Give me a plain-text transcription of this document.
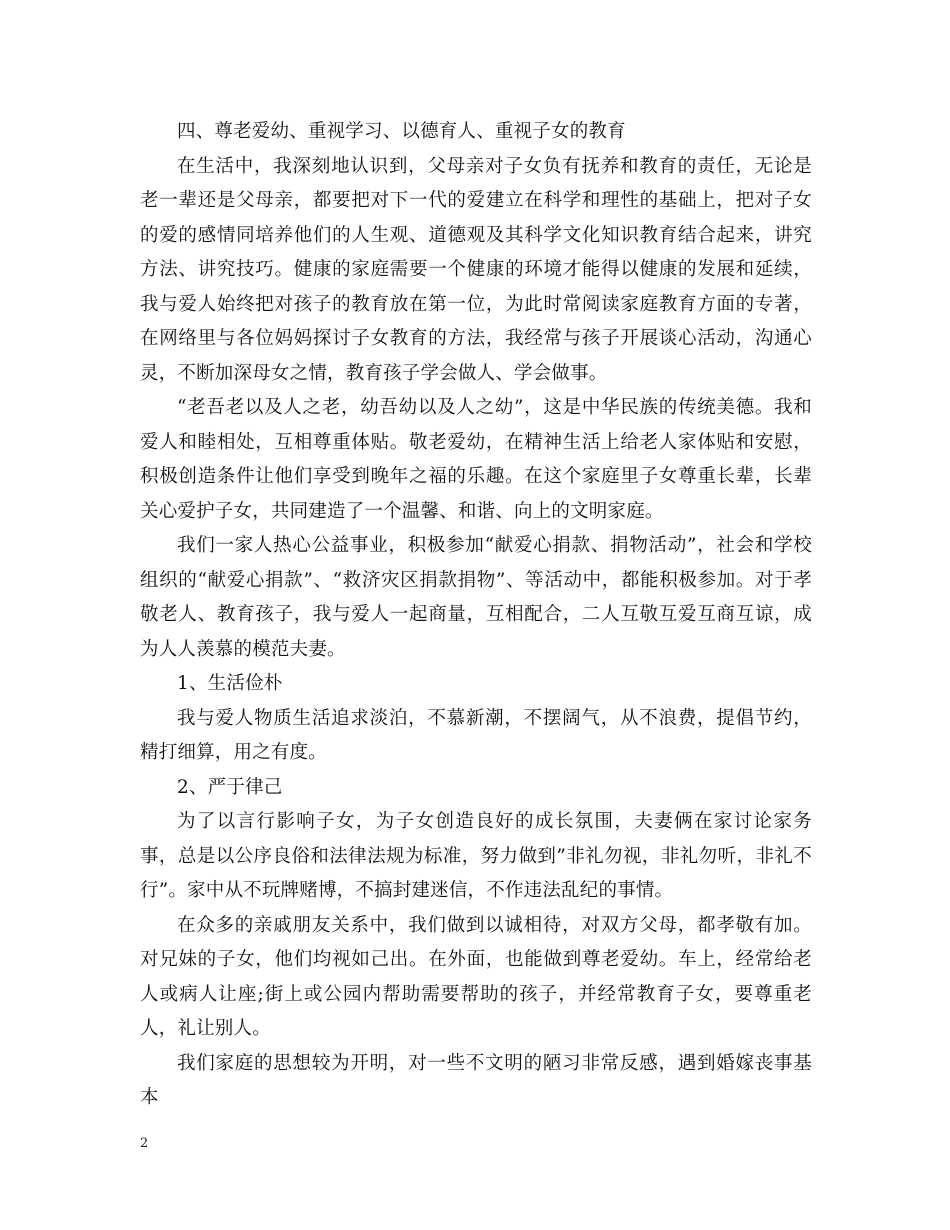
四、尊老爱幼、重视学习、以德育人、重视子女的教育

在生活中，我深刻地认识到，父母亲对子女负有抚养和教育的责任，无论是老一辈还是父母亲，都要把对下一代的爱建立在科学和理性的基础上，把对子女的爱的感情同培养他们的人生观、道德观及其科学文化知识教育结合起来，讲究方法、讲究技巧。健康的家庭需要一个健康的环境才能得以健康的发展和延续，我与爱人始终把对孩子的教育放在第一位，为此时常阅读家庭教育方面的专著，在网络里与各位妈妈探讨子女教育的方法，我经常与孩子开展谈心活动，沟通心灵，不断加深母女之情，教育孩子学会做人、学会做事。

“老吾老以及人之老，幼吾幼以及人之幼”，这是中华民族的传统美德。我和爱人和睦相处，互相尊重体贴。敬老爱幼，在精神生活上给老人家体贴和安慰，积极创造条件让他们享受到晚年之福的乐趣。在这个家庭里子女尊重长辈，长辈关心爱护子女，共同建造了一个温馨、和谐、向上的文明家庭。

我们一家人热心公益事业，积极参加“献爱心捐款、捐物活动”，社会和学校组织的“献爱心捐款”、“救济灾区捐款捐物”、等活动中，都能积极参加。对于孝敬老人、教育孩子，我与爱人一起商量，互相配合，二人互敬互爱互商互谅，成为人人羡慕的模范夫妻。

1、生活俭朴

我与爱人物质生活追求淡泊，不慕新潮，不摆阔气，从不浪费，提倡节约，精打细算，用之有度。

2、严于律己

为了以言行影响子女，为子女创造良好的成长氛围，夫妻俩在家讨论家务事，总是以公序良俗和法律法规为标准，努力做到”非礼勿视，非礼勿听，非礼不行”。家中从不玩牌赌博，不搞封建迷信，不作违法乱纪的事情。

在众多的亲戚朋友关系中，我们做到以诚相待，对双方父母，都孝敬有加。对兄妹的子女，他们均视如己出。在外面，也能做到尊老爱幼。车上，经常给老人或病人让座;街上或公园内帮助需要帮助的孩子，并经常教育子女，要尊重老人，礼让别人。

我们家庭的思想较为开明，对一些不文明的陋习非常反感，遇到婚嫁丧事基本

2
